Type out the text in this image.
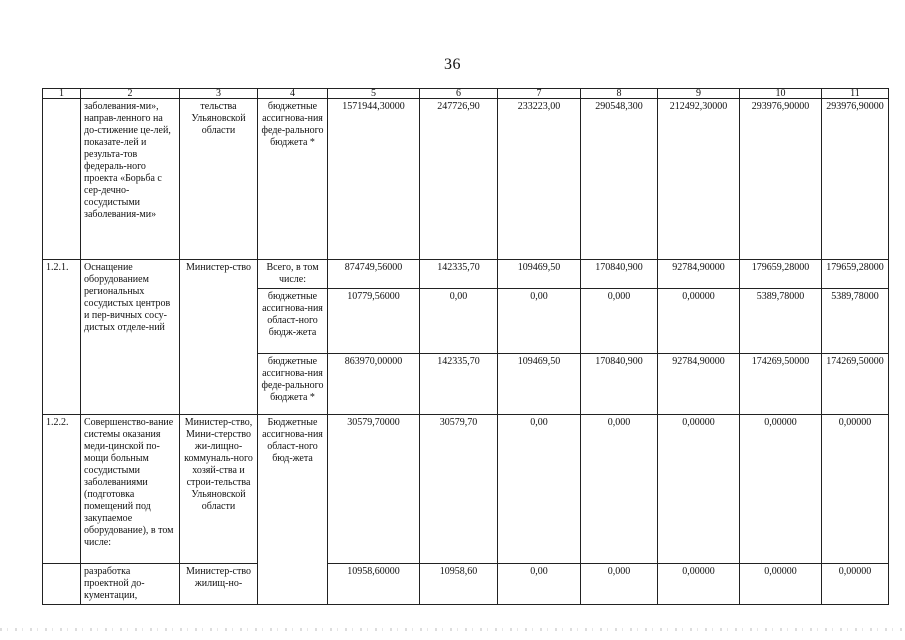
36
1	2	3	4	5	6	7	8	9	10	11
	заболевания-ми», направ-ленного на до-стижение це-лей, показате-лей и результа-тов федераль-ного проекта «Борьба с сер-дечно-сосудистыми заболевания-ми»	тельства Ульяновской области	бюджетные ассигнова-ния феде-рального бюджета *	1571944,30000	247726,90	233223,00	290548,300	212492,30000	293976,90000	293976,90000
1.2.1.	Оснащение оборудованием региональных сосудистых центров и пер-вичных сосу-дистых отделе-ний	Министер-ство	Всего, в том числе:	874749,56000	142335,70	109469,50	170840,900	92784,90000	179659,28000	179659,28000
			бюджетные ассигнова-ния област-ного бюдж-жета	10779,56000	0,00	0,00	0,000	0,00000	5389,78000	5389,78000
			бюджетные ассигнова-ния феде-рального бюджета *	863970,00000	142335,70	109469,50	170840,900	92784,90000	174269,50000	174269,50000
1.2.2.	Совершенство-вание системы оказания меди-цинской по-мощи больным сосудистыми заболеваниями (подготовка помещений под закупаемое оборудование), в том числе:	Министер-ство, Мини-стерство жи-лищно-коммуналь-ного хозяй-ства и строи-тельства Ульяновской области	Бюджетные ассигнова-ния област-ного бюд-жета	30579,70000	30579,70	0,00	0,000	0,00000	0,00000	0,00000
	разработка проектной до-кументации,	Министер-ство жилищ-но-		10958,60000	10958,60	0,00	0,000	0,00000	0,00000	0,00000
